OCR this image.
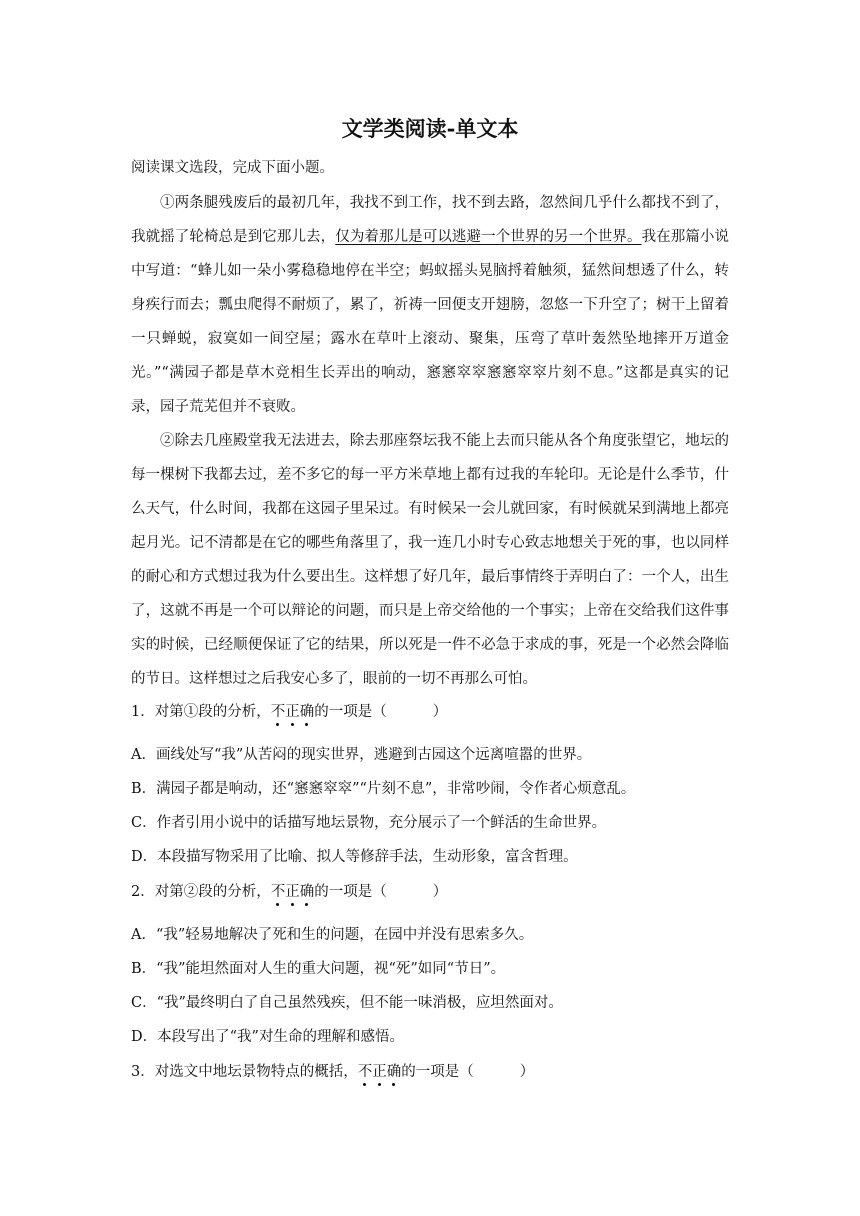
文学类阅读-单文本
阅读课文选段，完成下面小题。

①两条腿残废后的最初几年，我找不到工作，找不到去路，忽然间几乎什么都找不到了，我就摇了轮椅总是到它那儿去，仅为着那儿是可以逃避一个世界的另一个世界。我在那篇小说中写道：“蜂儿如一朵小雾稳稳地停在半空；蚂蚁摇头晃脑捋着触须，猛然间想透了什么，转身疾行而去；瓢虫爬得不耐烦了，累了，祈祷一回便支开翅膀，忽悠一下升空了；树干上留着一只蝉蜕，寂寞如一间空屋；露水在草叶上滚动、聚集，压弯了草叶轰然坠地摔开万道金光。”“满园子都是草木竞相生长弄出的响动，窸窸窣窣窸窸窣窣片刻不息。”这都是真实的记录，园子荒芜但并不衰败。

②除去几座殿堂我无法进去，除去那座祭坛我不能上去而只能从各个角度张望它，地坛的每一棵树下我都去过，差不多它的每一平方米草地上都有过我的车轮印。无论是什么季节，什么天气，什么时间，我都在这园子里呆过。有时候呆一会儿就回家，有时候就呆到满地上都亮起月光。记不清都是在它的哪些角落里了，我一连几小时专心致志地想关于死的事，也以同样的耐心和方式想过我为什么要出生。这样想了好几年，最后事情终于弄明白了：一个人，出生了，这就不再是一个可以辩论的问题，而只是上帝交给他的一个事实；上帝在交给我们这件事实的时候，已经顺便保证了它的结果，所以死是一件不必急于求成的事，死是一个必然会降临的节日。这样想过之后我安心多了，眼前的一切不再那么可怕。

1．对第①段的分析，不正确的一项是（	）
A．画线处写“我”从苦闷的现实世界，逃避到古园这个远离喧嚣的世界。
B．满园子都是响动，还“窸窸窣窣”“片刻不息”，非常吵闹，令作者心烦意乱。
C．作者引用小说中的话描写地坛景物，充分展示了一个鲜活的生命世界。
D．本段描写物采用了比喻、拟人等修辞手法，生动形象，富含哲理。
2．对第②段的分析，不正确的一项是（	）
A．“我”轻易地解决了死和生的问题，在园中并没有思索多久。
B．“我”能坦然面对人生的重大问题，视“死”如同“节日”。
C．“我”最终明白了自己虽然残疾，但不能一味消极，应坦然面对。
D．本段写出了“我”对生命的理解和感悟。
3．对选文中地坛景物特点的概括，不正确的一项是（	）
